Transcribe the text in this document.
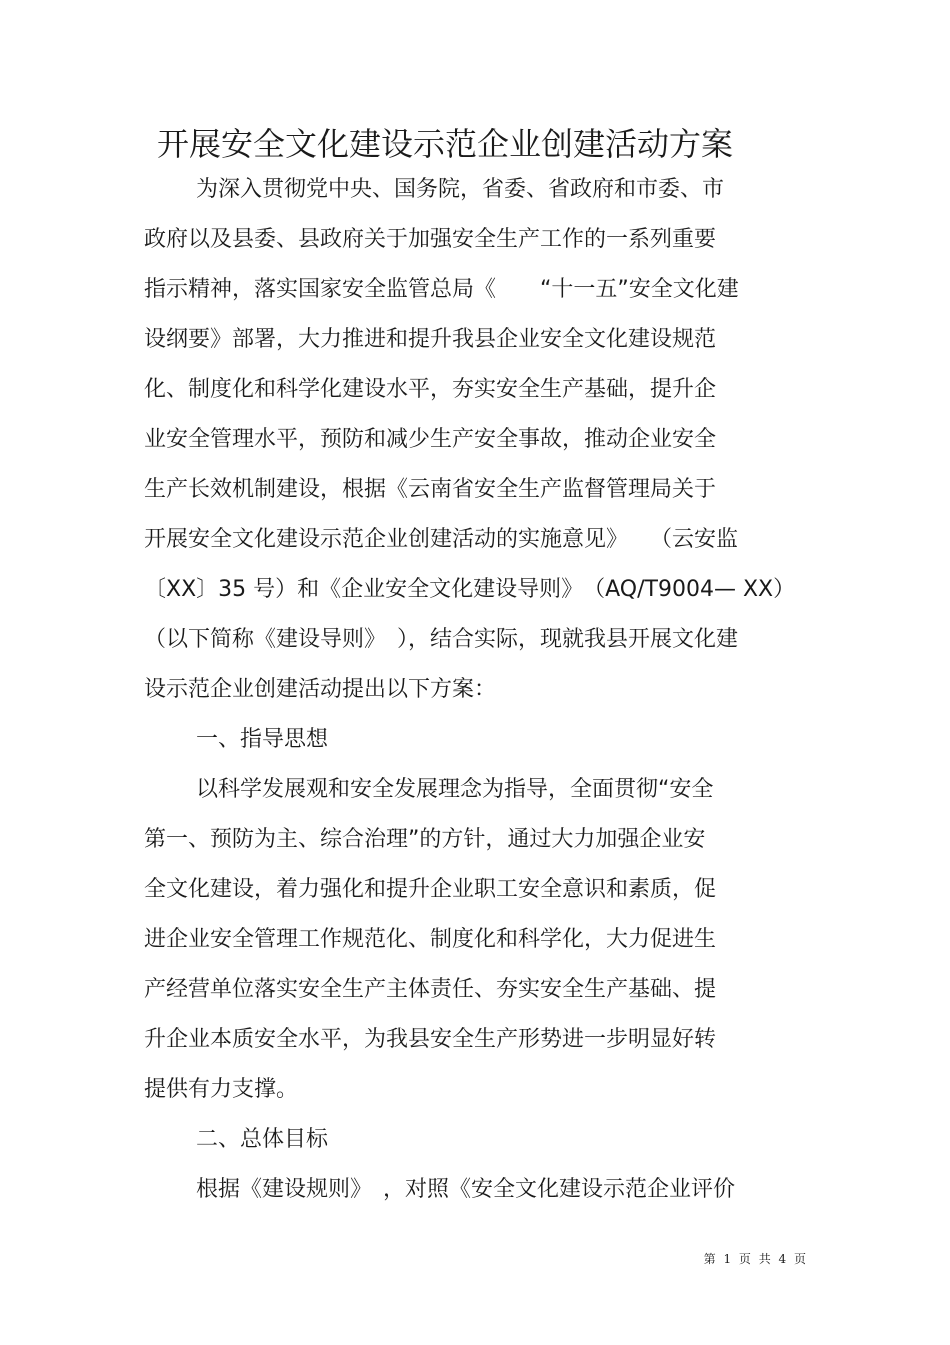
开展安全文化建设示范企业创建活动方案
为深入贯彻党中央、国务院，省委、省政府和市委、市
政府以及县委、县政府关于加强安全生产工作的一系列重要
指示精神，落实国家安全监管总局《　　“十一五”安全文化建
设纲要》部署，大力推进和提升我县企业安全文化建设规范
化、制度化和科学化建设水平，夯实安全生产基础，提升企
业安全管理水平，预防和减少生产安全事故，推动企业安全
生产长效机制建设，根据《云南省安全生产监督管理局关于
开展安全文化建设示范企业创建活动的实施意见》　　（云安监
〔XX〕35 号）和《企业安全文化建设导则》　（AQ/T9004— XX）
（以下简称《建设导则》　），结合实际，现就我县开展文化建
设示范企业创建活动提出以下方案：
一、指导思想
以科学发展观和安全发展理念为指导，全面贯彻“安全
第一、预防为主、综合治理”的方针，通过大力加强企业安
全文化建设，着力强化和提升企业职工安全意识和素质，促
进企业安全管理工作规范化、制度化和科学化，大力促进生
产经营单位落实安全生产主体责任、夯实安全生产基础、提
升企业本质安全水平，为我县安全生产形势进一步明显好转
提供有力支撑。
二、总体目标
根据《建设规则》　，对照《安全文化建设示范企业评价
第 1 页 共 4 页
